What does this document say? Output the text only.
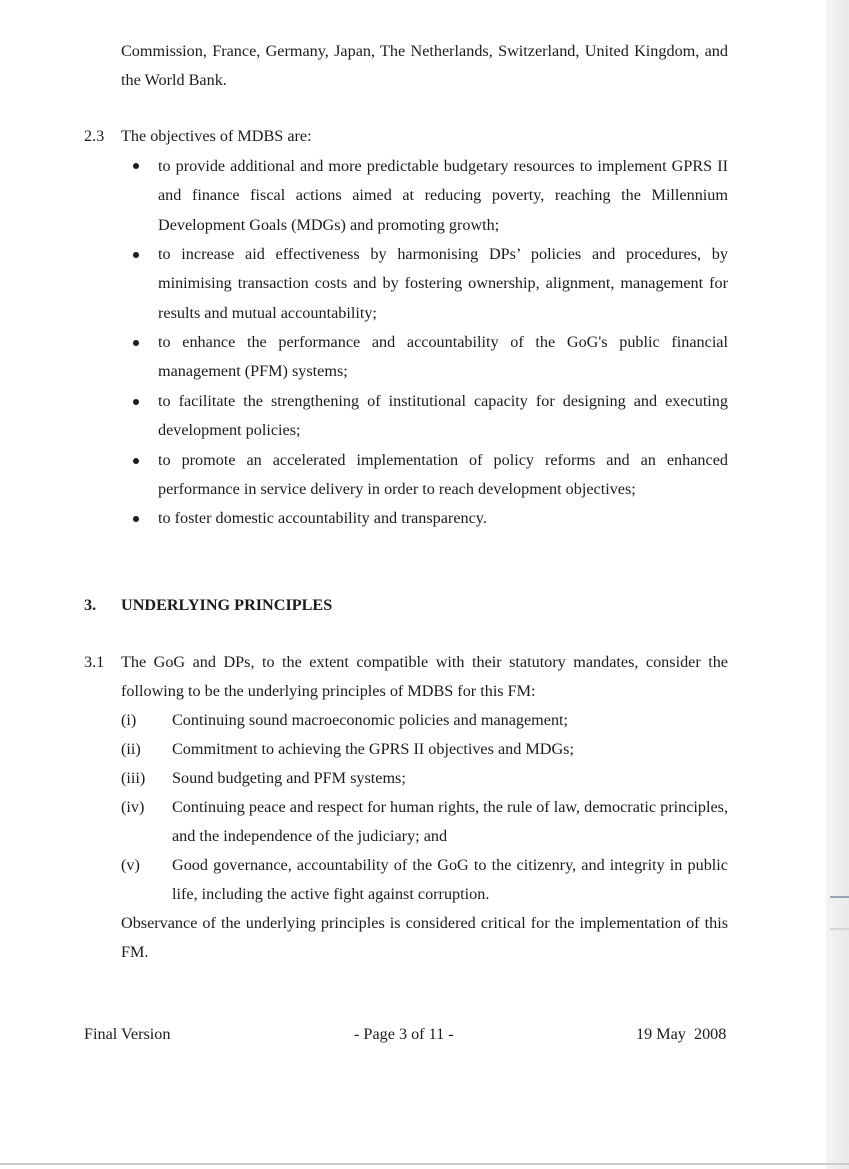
Commission, France, Germany, Japan, The Netherlands, Switzerland, United Kingdom, and the World Bank.
2.3 The objectives of MDBS are:
to provide additional and more predictable budgetary resources to implement GPRS II and finance fiscal actions aimed at reducing poverty, reaching the Millennium Development Goals (MDGs) and promoting growth;
to increase aid effectiveness by harmonising DPs’ policies and procedures, by minimising transaction costs and by fostering ownership, alignment, management for results and mutual accountability;
to enhance the performance and accountability of the GoG's public financial management (PFM) systems;
to facilitate the strengthening of institutional capacity for designing and executing development policies;
to promote an accelerated implementation of policy reforms and an enhanced performance in service delivery in order to reach development objectives;
to foster domestic accountability and transparency.
3. UNDERLYING PRINCIPLES
3.1 The GoG and DPs, to the extent compatible with their statutory mandates, consider the following to be the underlying principles of MDBS for this FM:
(i) Continuing sound macroeconomic policies and management;
(ii) Commitment to achieving the GPRS II objectives and MDGs;
(iii) Sound budgeting and PFM systems;
(iv) Continuing peace and respect for human rights, the rule of law, democratic principles, and the independence of the judiciary; and
(v) Good governance, accountability of the GoG to the citizenry, and integrity in public life, including the active fight against corruption.
Observance of the underlying principles is considered critical for the implementation of this FM.
Final Version	- Page 3 of 11 -	19 May  2008
